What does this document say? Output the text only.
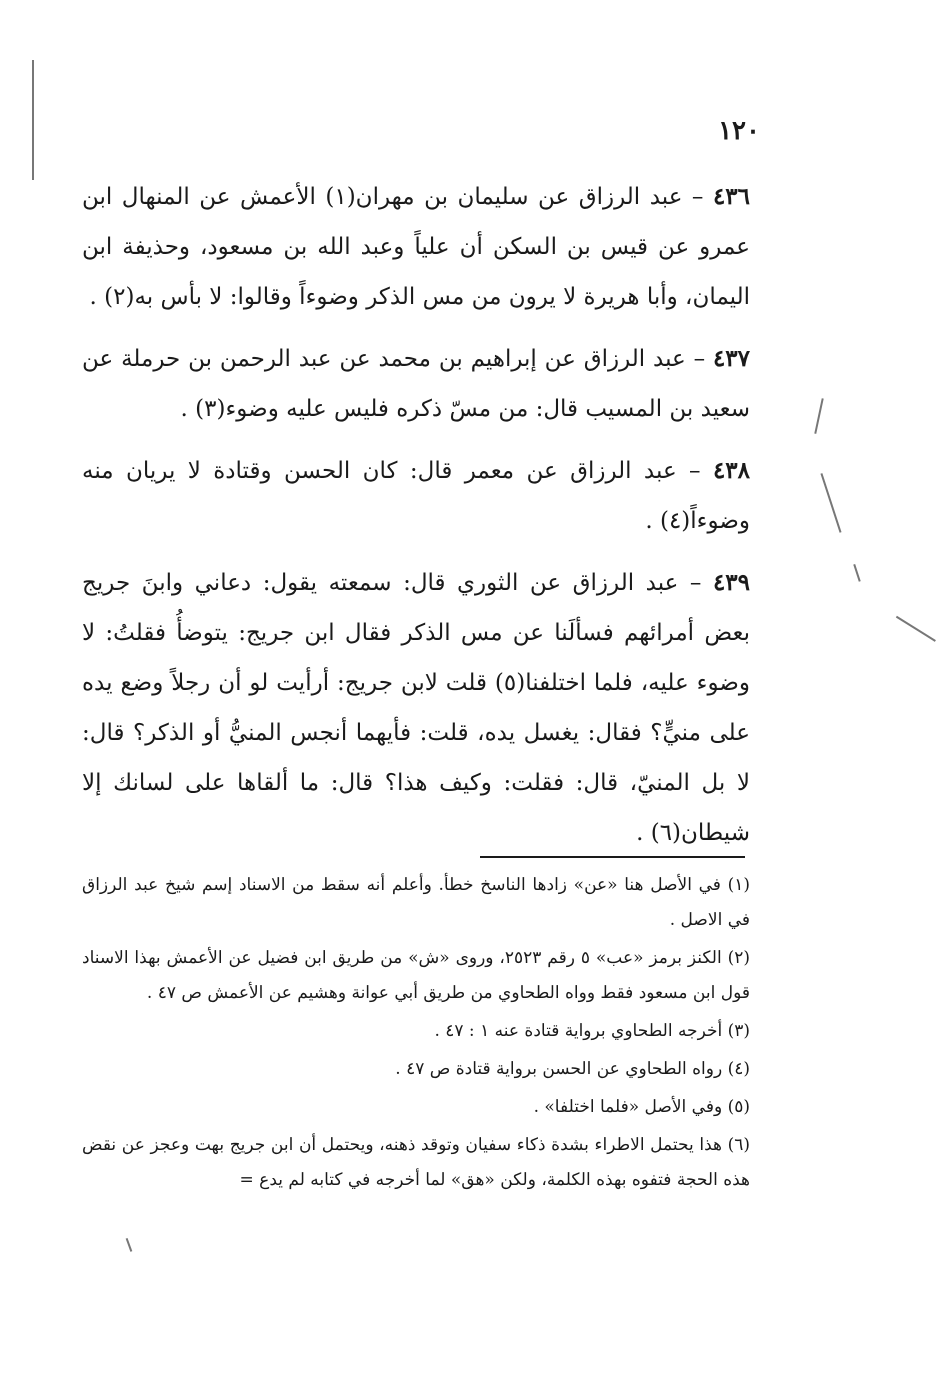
١٢٠

٤٣٦ – عبد الرزاق عن سليمان بن مهران(١) الأعمش عن المنهال ابن عمرو عن قيس بن السكن أن علياً وعبد الله بن مسعود، وحذيفة ابن اليمان، وأبا هريرة لا يرون من مس الذكر وضوءاً وقالوا: لا بأس به(٢) .

٤٣٧ – عبد الرزاق عن إبراهيم بن محمد عن عبد الرحمن بن حرملة عن سعيد بن المسيب قال: من مسّ ذكره فليس عليه وضوء(٣) .

٤٣٨ – عبد الرزاق عن معمر قال: كان الحسن وقتادة لا يريان منه وضوءاً(٤) .

٤٣٩ – عبد الرزاق عن الثوري قال: سمعته يقول: دعاني وابنَ جريج بعض أمرائهم فسألَنا عن مس الذكر فقال ابن جريج: يتوضأُ فقلتُ: لا وضوء عليه، فلما اختلفنا(٥) قلت لابن جريج: أرأيت لو أن رجلاً وضع يده على منيٍّ؟ فقال: يغسل يده، قلت: فأيهما أنجس المنيُّ أو الذكر؟ قال: لا بل المنيّ، قال: فقلت: وكيف هذا؟ قال: ما ألقاها على لسانك إلا شيطان(٦) .

(١) في الأصل هنا «عن» زادها الناسخ خطأ. وأعلم أنه سقط من الاسناد إسم شيخ عبد الرزاق في الاصل .

(٢) الكنز برمز «عب» ٥ رقم ٢٥٢٣، وروى «ش» من طريق ابن فضيل عن الأعمش بهذا الاسناد قول ابن مسعود فقط وواه الطحاوي من طريق أبي عوانة وهشيم عن الأعمش ص ٤٧ .

(٣) أخرجه الطحاوي برواية قتادة عنه ١ : ٤٧ .

(٤) رواه الطحاوي عن الحسن برواية قتادة ص ٤٧ .

(٥) وفي الأصل «فلما اختلفا» .

(٦) هذا يحتمل الاطراء بشدة ذكاء سفيان وتوقد ذهنه، ويحتمل أن ابن جريج بهت وعجز عن نقض هذه الحجة فتفوه بهذه الكلمة، ولكن «هق» لما أخرجه في كتابه لم يدع =
